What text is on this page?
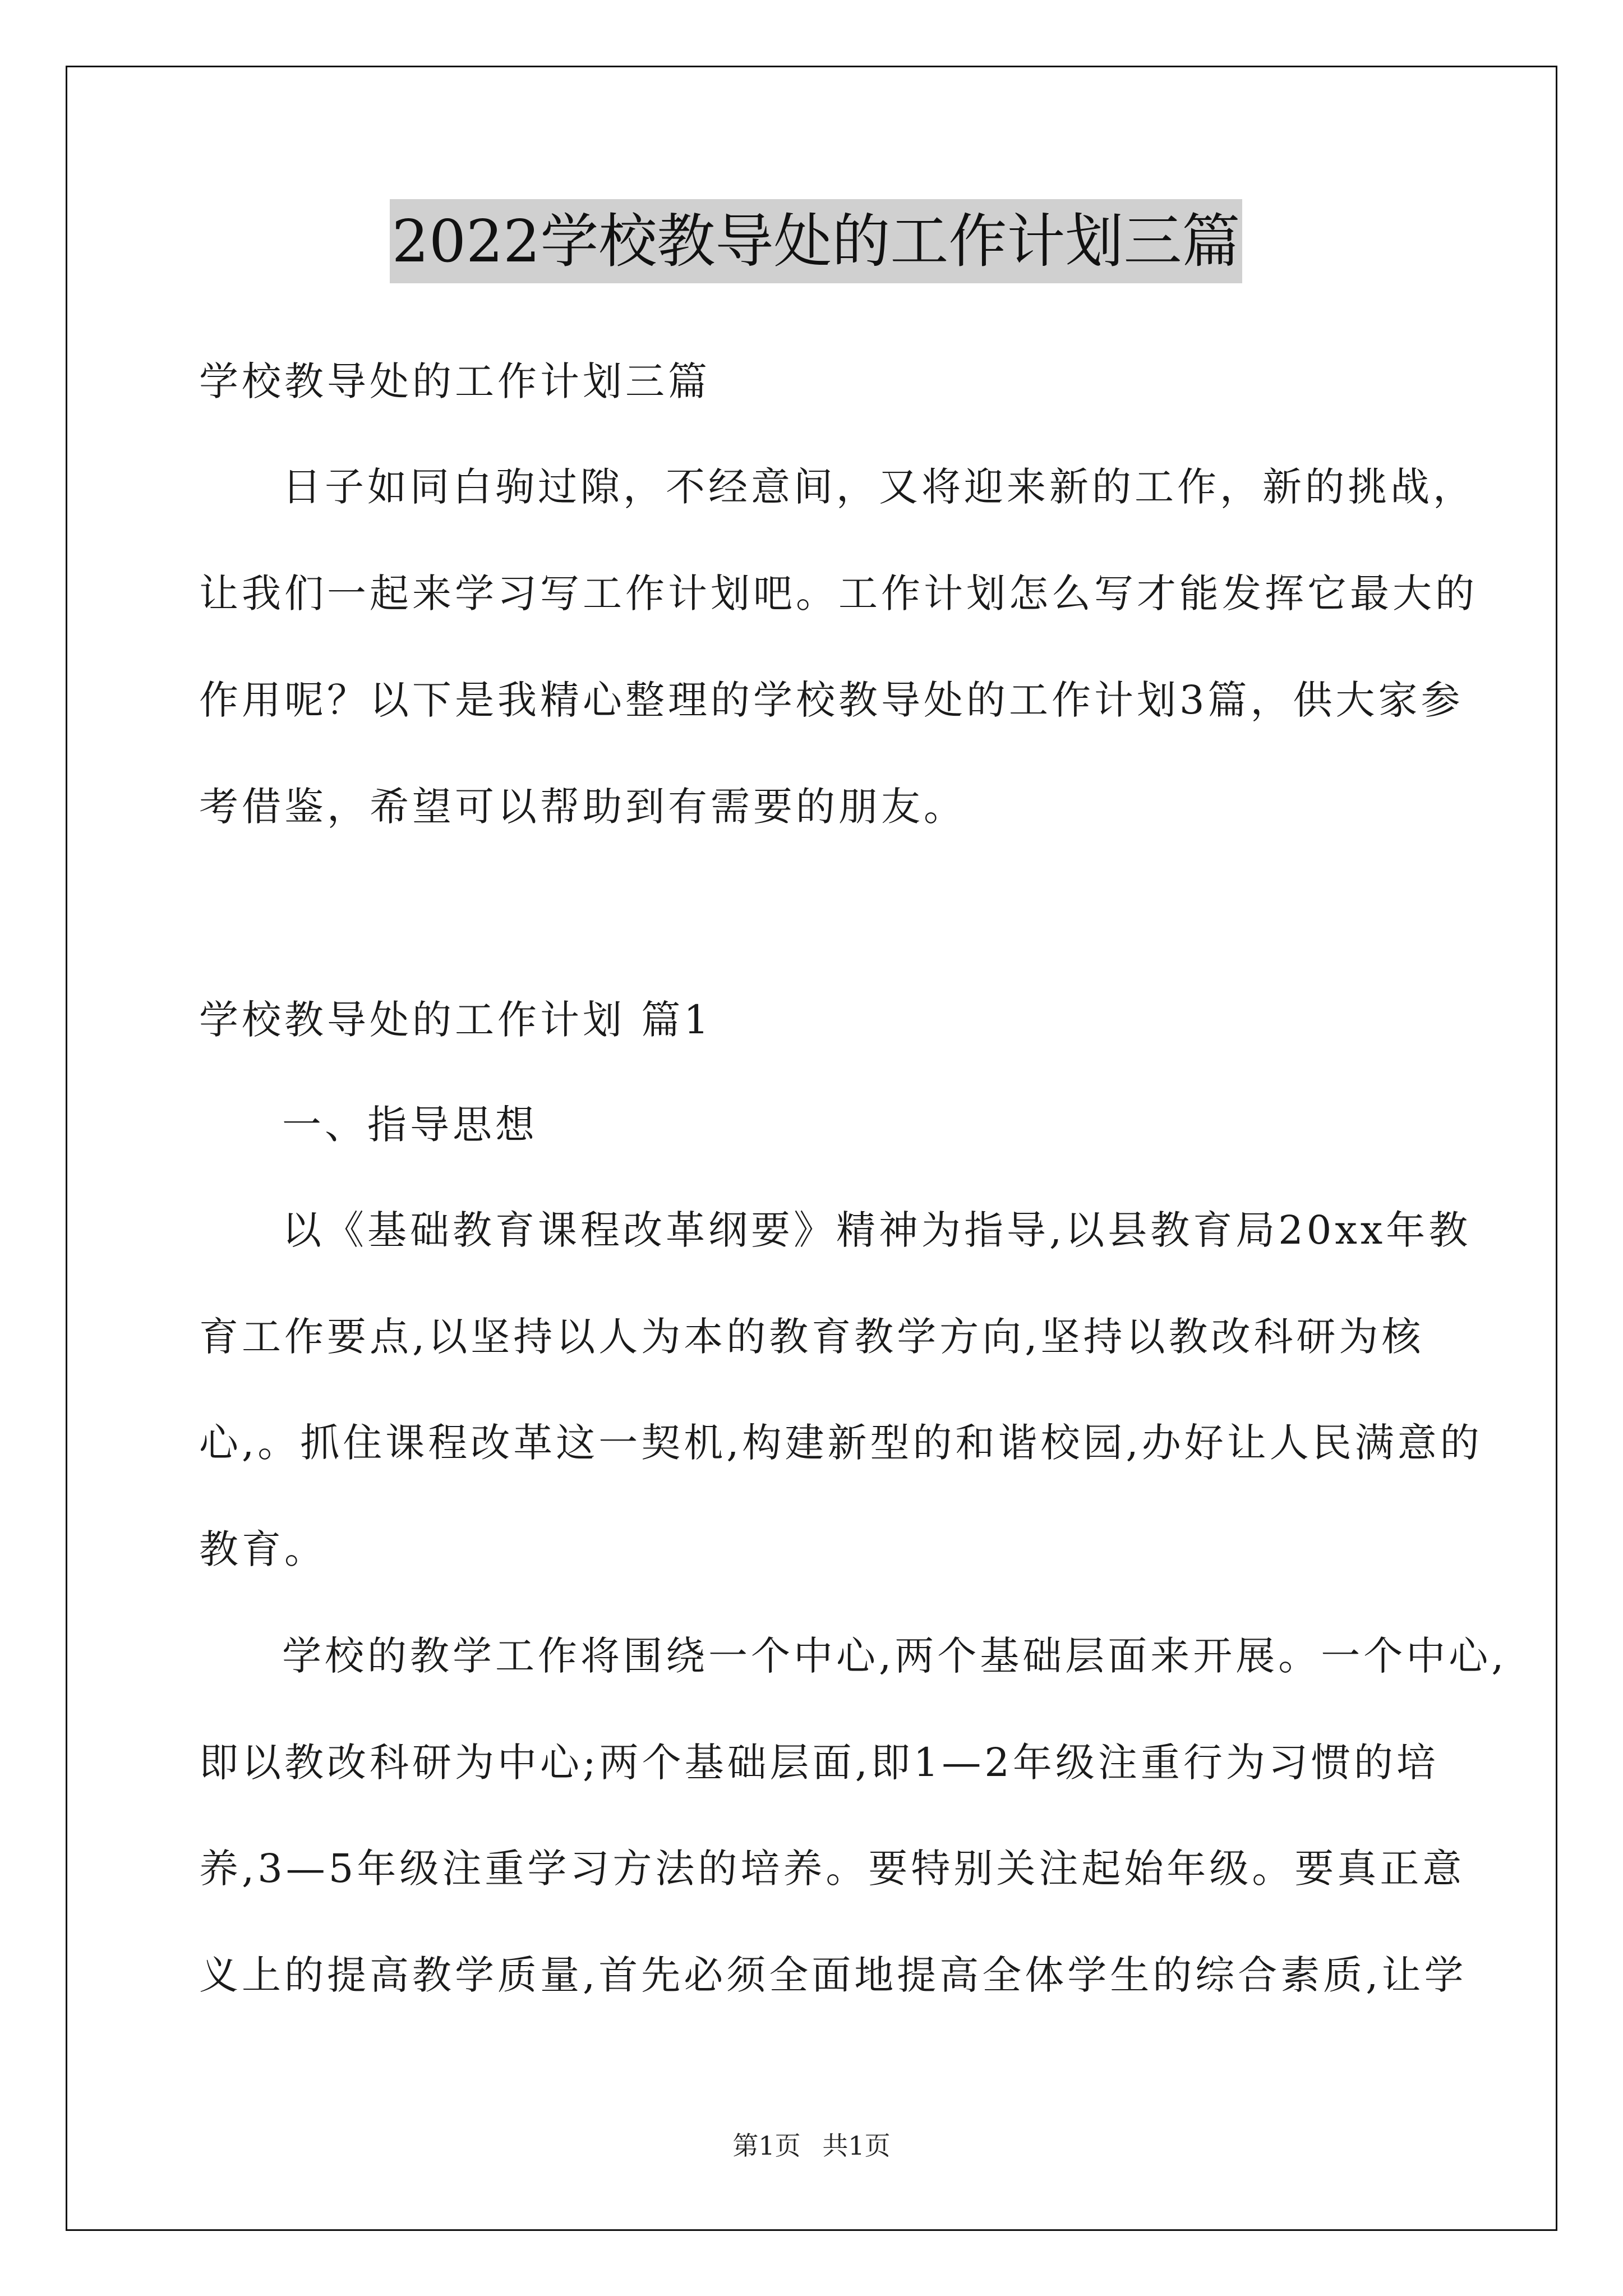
2022学校教导处的工作计划三篇
学校教导处的工作计划三篇
日子如同白驹过隙，不经意间，又将迎来新的工作，新的挑战，
让我们一起来学习写工作计划吧。工作计划怎么写才能发挥它最大的
作用呢？以下是我精心整理的学校教导处的工作计划3篇，供大家参
考借鉴，希望可以帮助到有需要的朋友。
学校教导处的工作计划 篇1
一、指导思想
以《基础教育课程改革纲要》精神为指导,以县教育局20xx年教
育工作要点,以坚持以人为本的教育教学方向,坚持以教改科研为核
心,。抓住课程改革这一契机,构建新型的和谐校园,办好让人民满意的
教育。
学校的教学工作将围绕一个中心,两个基础层面来开展。一个中心,
即以教改科研为中心;两个基础层面,即1—2年级注重行为习惯的培
养,3—5年级注重学习方法的培养。要特别关注起始年级。要真正意
义上的提高教学质量,首先必须全面地提高全体学生的综合素质,让学
第1页 共1页
